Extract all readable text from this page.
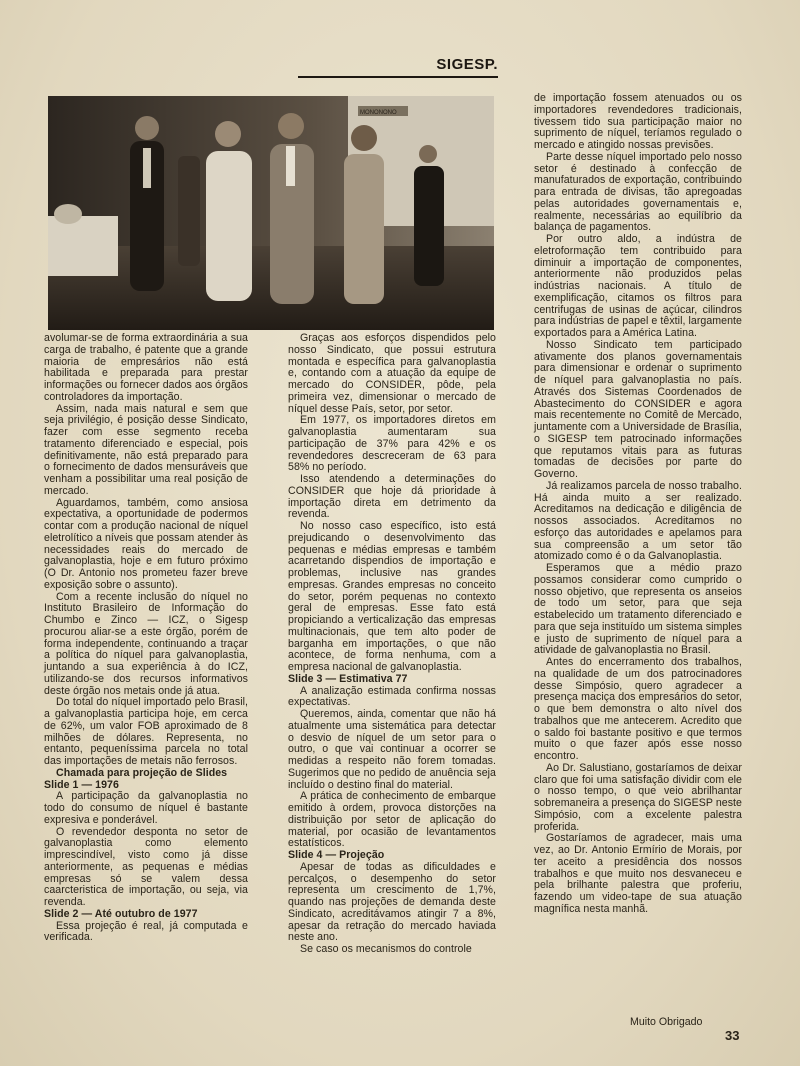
SIGESP.
MONONONO

avolumar-se de forma extraordinária a sua carga de trabalho, é patente que a grande maioria de empresários não está habilitada e preparada para prestar informações ou fornecer dados aos órgãos controladores da importação.

Assim, nada mais natural e sem que seja privilégio, é posição desse Sindicato, fazer com esse segmento receba tratamento diferenciado e especial, pois definitivamente, não está preparado para o fornecimento de dados mensuráveis que venham a possibilitar uma real posição de mercado.

Aguardamos, também, como ansiosa expectativa, a oportunidade de podermos contar com a produção nacional de níquel eletrolítico a níveis que possam atender às necessidades reais do mercado de galvanoplastia, hoje e em futuro próximo (O Dr. Antonio nos prometeu fazer breve exposição sobre o assunto).

Com a recente inclusão do níquel no Instituto Brasileiro de Informação do Chumbo e Zinco — ICZ, o Sigesp procurou aliar-se a este órgão, porém de forma independente, continuando a traçar a política do níquel para galvanoplastia, juntando a sua experiência à do ICZ, utilizando-se dos recursos informativos deste órgão nos metais onde já atua.

Do total do níquel importado pelo Brasil, a galvanoplastia participa hoje, em cerca de 62%, um valor FOB aproximado de 8 milhões de dólares. Representa, no entanto, pequeníssima parcela no total das importações de metais não ferrosos.

Chamada para projeção de Slides

Slide 1 — 1976

A participação da galvanoplastia no todo do consumo de níquel é bastante expresiva e ponderável.

O revendedor desponta no setor de galvanoplastia como elemento imprescindível, visto como já disse anteriormente, as pequenas e médias empresas só se valem dessa caarcteristica de importação, ou seja, via revenda.

Slide 2 — Até outubro de 1977

Essa projeção é real, já computada e verificada.

Graças aos esforços dispendidos pelo nosso Sindicato, que possui estrutura montada e específica para galvanoplastia e, contando com a atuação da equipe de mercado do CONSIDER, pôde, pela primeira vez, dimensionar o mercado de níquel desse País, setor, por setor.

Em 1977, os importadores diretos em galvanoplastia aumentaram sua participação de 37% para 42% e os revendedores descreceram de 63 para 58% no período.

Isso atendendo a determinações do CONSIDER que hoje dá prioridade à importação direta em detrimento da revenda.

No nosso caso específico, isto está prejudicando o desenvolvimento das pequenas e médias empresas e também acarretando dispendios de importação e problemas, inclusive nas grandes empresas. Grandes empresas no conceito do setor, porém pequenas no contexto geral de empresas. Esse fato está propiciando a verticalização das empresas multinacionais, que tem alto poder de barganha em importações, o que não acontece, de forma nenhuma, com a empresa nacional de galvanoplastia.

Slide 3 — Estimativa 77

A analização estimada confirma nossas expectativas.

Queremos, ainda, comentar que não há atualmente uma sistemática para detectar o desvio de níquel de um setor para o outro, o que vai continuar a ocorrer se medidas a respeito não forem tomadas. Sugerimos que no pedido de anuência seja incluído o destino final do material.

A prática de conhecimento de embarque emitido à ordem, provoca distorções na distribuição por setor de aplicação do material, por ocasião de levantamentos estatísticos.

Slide 4 — Projeção

Apesar de todas as dificuldades e percalços, o desempenho do setor representa um crescimento de 1,7%, quando nas projeções de demanda deste Sindicato, acreditávamos atingir 7 a 8%, apesar da retração do mercado haviada neste ano.

Se caso os mecanismos do controle

de importação fossem atenuados ou os importadores revendedores tradicionais, tivessem tido sua participação maior no suprimento de níquel, teríamos regulado o mercado e atingido nossas previsões.

Parte desse níquel importado pelo nosso setor é destinado à confecção de manufaturados de exportação, contribuindo para entrada de divisas, tão apregoadas pelas autoridades governamentais e, realmente, necessárias ao equilíbrio da balança de pagamentos.

Por outro aldo, a indústra de eletroformação tem contribuido para diminuir a importação de componentes, anteriormente não produzidos pelas indústrias nacionais. A título de exemplificação, citamos os filtros para centrifugas de usinas de açúcar, cilindros para indústrias de papel e têxtil, largamente exportados para a América Latina.

Nosso Sindicato tem participado ativamente dos planos governamentais para dimensionar e ordenar o suprimento de níquel para galvanoplastia no país. Através dos Sistemas Coordenados de Abastecimento do CONSIDER e agora mais recentemente no Comitê de Mercado, juntamente com a Universidade de Brasília, o SIGESP tem patrocinado informações que reputamos vitais para as futuras tomadas de decisões por parte do Governo.

Já realizamos parcela de nosso trabalho. Há ainda muito a ser realizado. Acreditamos na dedicação e diligência de nossos associados. Acreditamos no esforço das autoridades e apelamos para sua compreensão a um setor tão atomizado como é o da Galvanoplastia.

Esperamos que a médio prazo possamos considerar como cumprido o nosso objetivo, que representa os anseios de todo um setor, para que seja estabelecido um tratamento diferenciado e para que seja instituído um sistema simples e justo de suprimento de níquel para a atividade de galvanoplastia no Brasil.

Antes do encerramento dos trabalhos, na qualidade de um dos patrocinadores desse Simpósio, quero agradecer a presença maciça dos empresários do setor, o que bem demonstra o alto nível dos trabalhos que me antecerem. Acredito que o saldo foi bastante positivo e que termos muito o que fazer após esse nosso encontro.

Ao Dr. Salustiano, gostaríamos de deixar claro que foi uma satisfação dividir com ele o nosso tempo, o que veio abrilhantar sobremaneira a presença do SIGESP neste Simpósio, com a excelente palestra proferida.

Gostaríamos de agradecer, mais uma vez, ao Dr. Antonio Ermírio de Morais, por ter aceito a presidência dos nossos trabalhos e que muito nos desvaneceu e pela brilhante palestra que proferiu, fazendo um video-tape de sua atuação magnífica nesta manhã.

Muito Obrigado
33
